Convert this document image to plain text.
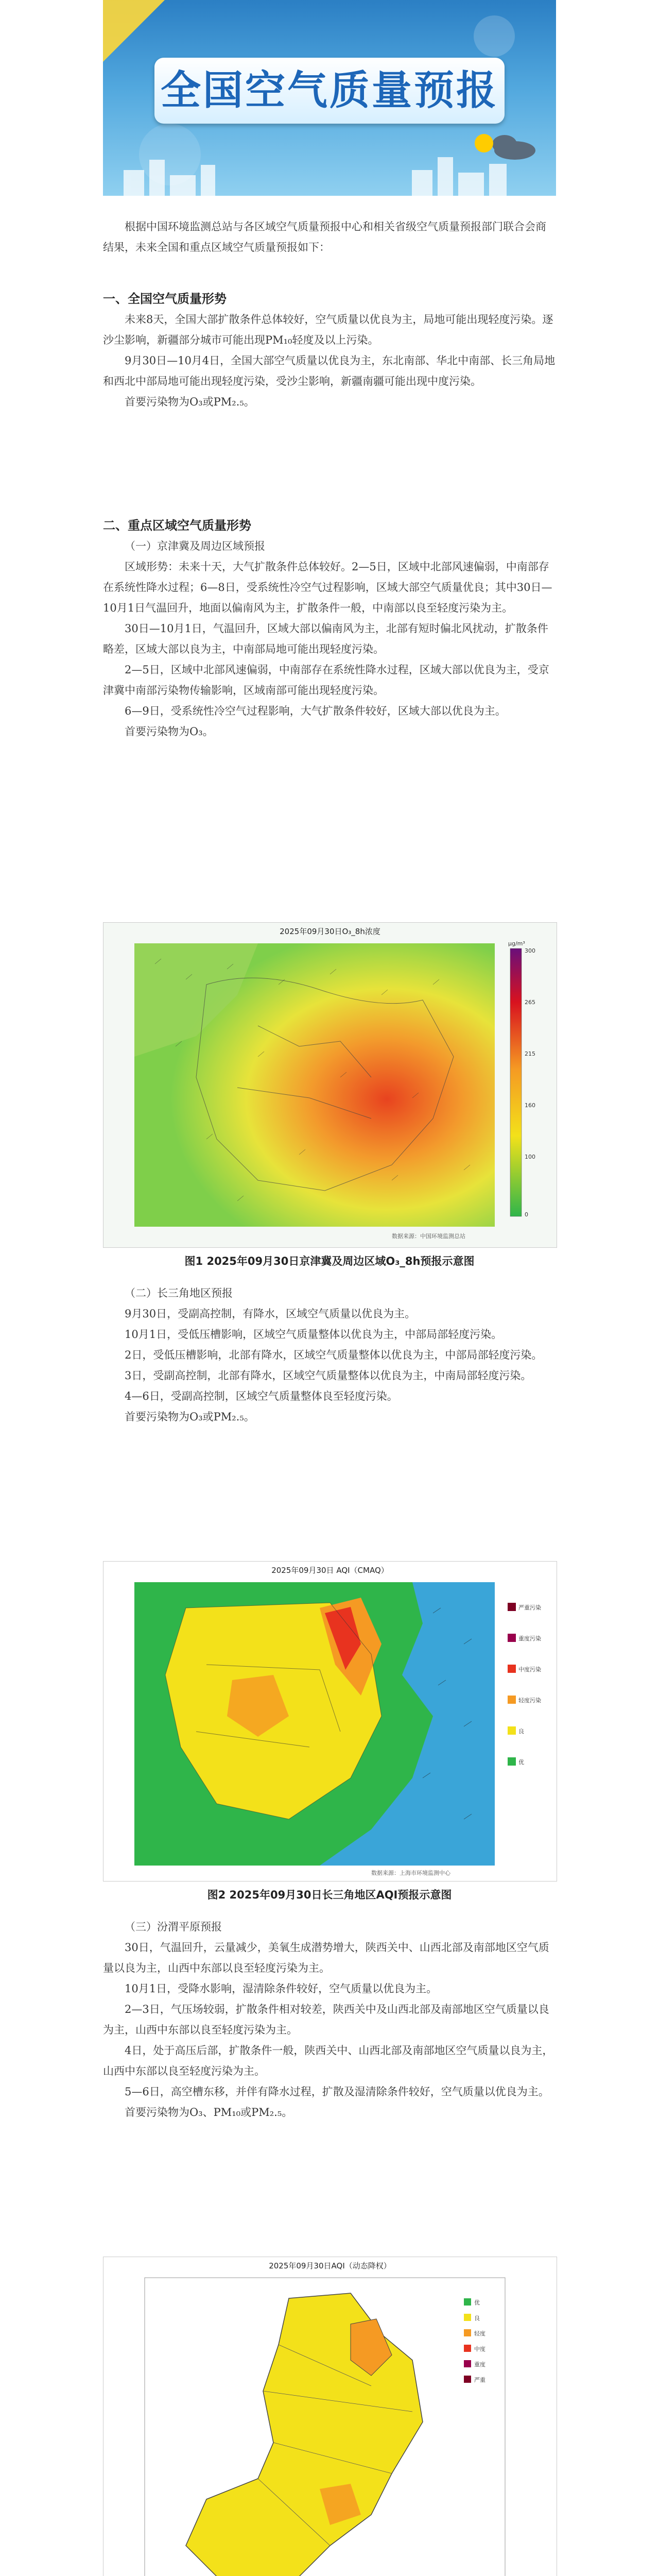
全国空气质量预报

根据中国环境监测总站与各区域空气质量预报中心和相关省级空气质量预报部门联合会商结果，未来全国和重点区域空气质量预报如下：

一、全国空气质量形势

未来8天，全国大部扩散条件总体较好，空气质量以优良为主，局地可能出现轻度污染。逐沙尘影响，新疆部分城市可能出现PM₁₀轻度及以上污染。

9月30日—10月4日，全国大部空气质量以优良为主，东北南部、华北中南部、长三角局地和西北中部局地可能出现轻度污染，受沙尘影响，新疆南疆可能出现中度污染。

首要污染物为O₃或PM₂.₅。

二、重点区域空气质量形势

（一）京津冀及周边区域预报

区域形势：未来十天，大气扩散条件总体较好。2—5日，区域中北部风速偏弱，中南部存在系统性降水过程；6—8日，受系统性冷空气过程影响，区域大部空气质量优良；其中30日—10月1日气温回升，地面以偏南风为主，扩散条件一般，中南部以良至轻度污染为主。

30日—10月1日，气温回升，区域大部以偏南风为主，北部有短时偏北风扰动，扩散条件略差，区域大部以良为主，中南部局地可能出现轻度污染。

2—5日，区域中北部风速偏弱，中南部存在系统性降水过程，区域大部以优良为主，受京津冀中南部污染物传输影响，区域南部可能出现轻度污染。

6—9日，受系统性冷空气过程影响，大气扩散条件较好，区域大部以优良为主。

首要污染物为O₃。

2025年09月30日O₃_8h浓度
μg/m³
300
265
215
160
100
0
数据来源：中国环境监测总站
图1 2025年09月30日京津冀及周边区域O₃_8h预报示意图

（二）长三角地区预报

9月30日，受副高控制，有降水，区域空气质量以优良为主。

10月1日，受低压槽影响，区域空气质量整体以优良为主，中部局部轻度污染。

2日，受低压槽影响，北部有降水，区域空气质量整体以优良为主，中部局部轻度污染。

3日，受副高控制，北部有降水，区域空气质量整体以优良为主，中南局部轻度污染。

4—6日，受副高控制，区域空气质量整体良至轻度污染。

首要污染物为O₃或PM₂.₅。

2025年09月30日 AQI（CMAQ）
严重污染
重度污染
中度污染
轻度污染
良
优
数据来源：上海市环境监测中心
图2 2025年09月30日长三角地区AQI预报示意图

（三）汾渭平原预报

30日，气温回升，云量减少，美氧生成潜势增大，陕西关中、山西北部及南部地区空气质量以良为主，山西中东部以良至轻度污染为主。

10月1日，受降水影响，湿清除条件较好，空气质量以优良为主。

2—3日，气压场较弱，扩散条件相对较差，陕西关中及山西北部及南部地区空气质量以良为主，山西中东部以良至轻度污染为主。

4日，处于高压后部，扩散条件一般，陕西关中、山西北部及南部地区空气质量以良为主，山西中东部以良至轻度污染为主。

5—6日，高空槽东移，并伴有降水过程，扩散及湿清除条件较好，空气质量以优良为主。

首要污染物为O₃、PM₁₀或PM₂.₅。

2025年09月30日AQI（动态降权）
优
良
轻度
中度
重度
严重
